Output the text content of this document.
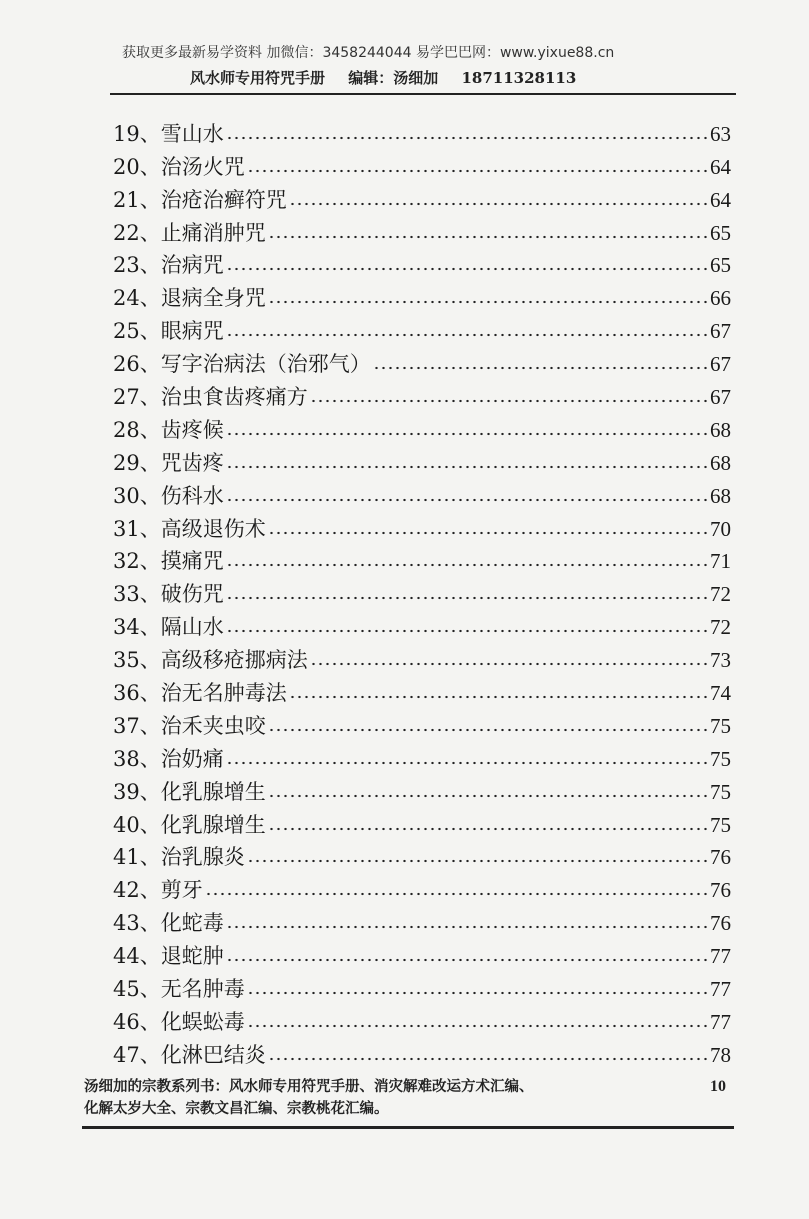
获取更多最新易学资料 加微信：3458244044 易学巴巴网：www.yixue88.cn
风水师专用符咒手册 编辑：汤细加 18711328113
19、 雪山水	63
20、 治汤火咒	64
21、 治疮治癣符咒	64
22、 止痛消肿咒	65
23、 治病咒	65
24、 退病全身咒	66
25、 眼病咒	67
26、 写字治病法（治邪气）	67
27、 治虫食齿疼痛方	67
28、 齿疼候	68
29、 咒齿疼	68
30、 伤科水	68
31、 高级退伤术	70
32、 摸痛咒	71
33、 破伤咒	72
34、 隔山水	72
35、 高级移疮挪病法	73
36、 治无名肿毒法	74
37、 治禾夹虫咬	75
38、 治奶痛	75
39、 化乳腺增生	75
40、 化乳腺增生	75
41、 治乳腺炎	76
42、 剪牙	76
43、 化蛇毒	76
44、 退蛇肿	77
45、 无名肿毒	77
46、 化蜈蚣毒	77
47、 化淋巴结炎	78
汤细加的宗教系列书：风水师专用符咒手册、消灾解难改运方术汇编、
化解太岁大全、宗教文昌汇编、宗教桃花汇编。
10
